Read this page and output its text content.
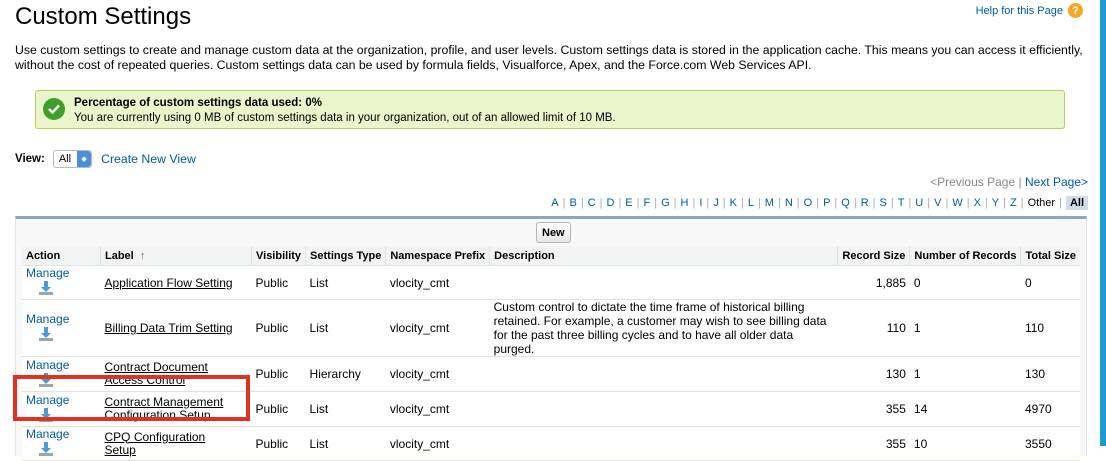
Custom Settings	Help for this Page ?

Use custom settings to create and manage custom data at the organization, profile, and user levels. Custom settings data is stored in the application cache. This means you can access it efficiently, without the cost of repeated queries. Custom settings data can be used by formula fields, Visualforce, Apex, and the Force.com Web Services API.

Percentage of custom settings data used: 0%
You are currently using 0 MB of custom settings data in your organization, out of an allowed limit of 10 MB.
View: All	◆	Create New View
<Previous Page | Next Page>
A | B | C | D | E | F | G | H | I | J | K | L | M | N | O | P | Q | R | S | T | U | V | W | X | Y | Z | Other | All
New
Action	Label ↑	Visibility	Settings Type	Namespace Prefix	Description	Record Size	Number of Records	Total Size
Manage	Application Flow Setting	Public	List	vlocity_cmt		1,885	0	0
Manage	Billing Data Trim Setting	Public	List	vlocity_cmt	Custom control to dictate the time frame of historical billing retained. For example, a customer may wish to see billing data for the past three billing cycles and to have all older data purged.	110	1	110
Manage	Contract Document Access Control	Public	Hierarchy	vlocity_cmt		130	1	130
Manage	Contract Management Configuration Setup	Public	List	vlocity_cmt		355	14	4970
Manage	CPQ Configuration Setup	Public	List	vlocity_cmt		355	10	3550
